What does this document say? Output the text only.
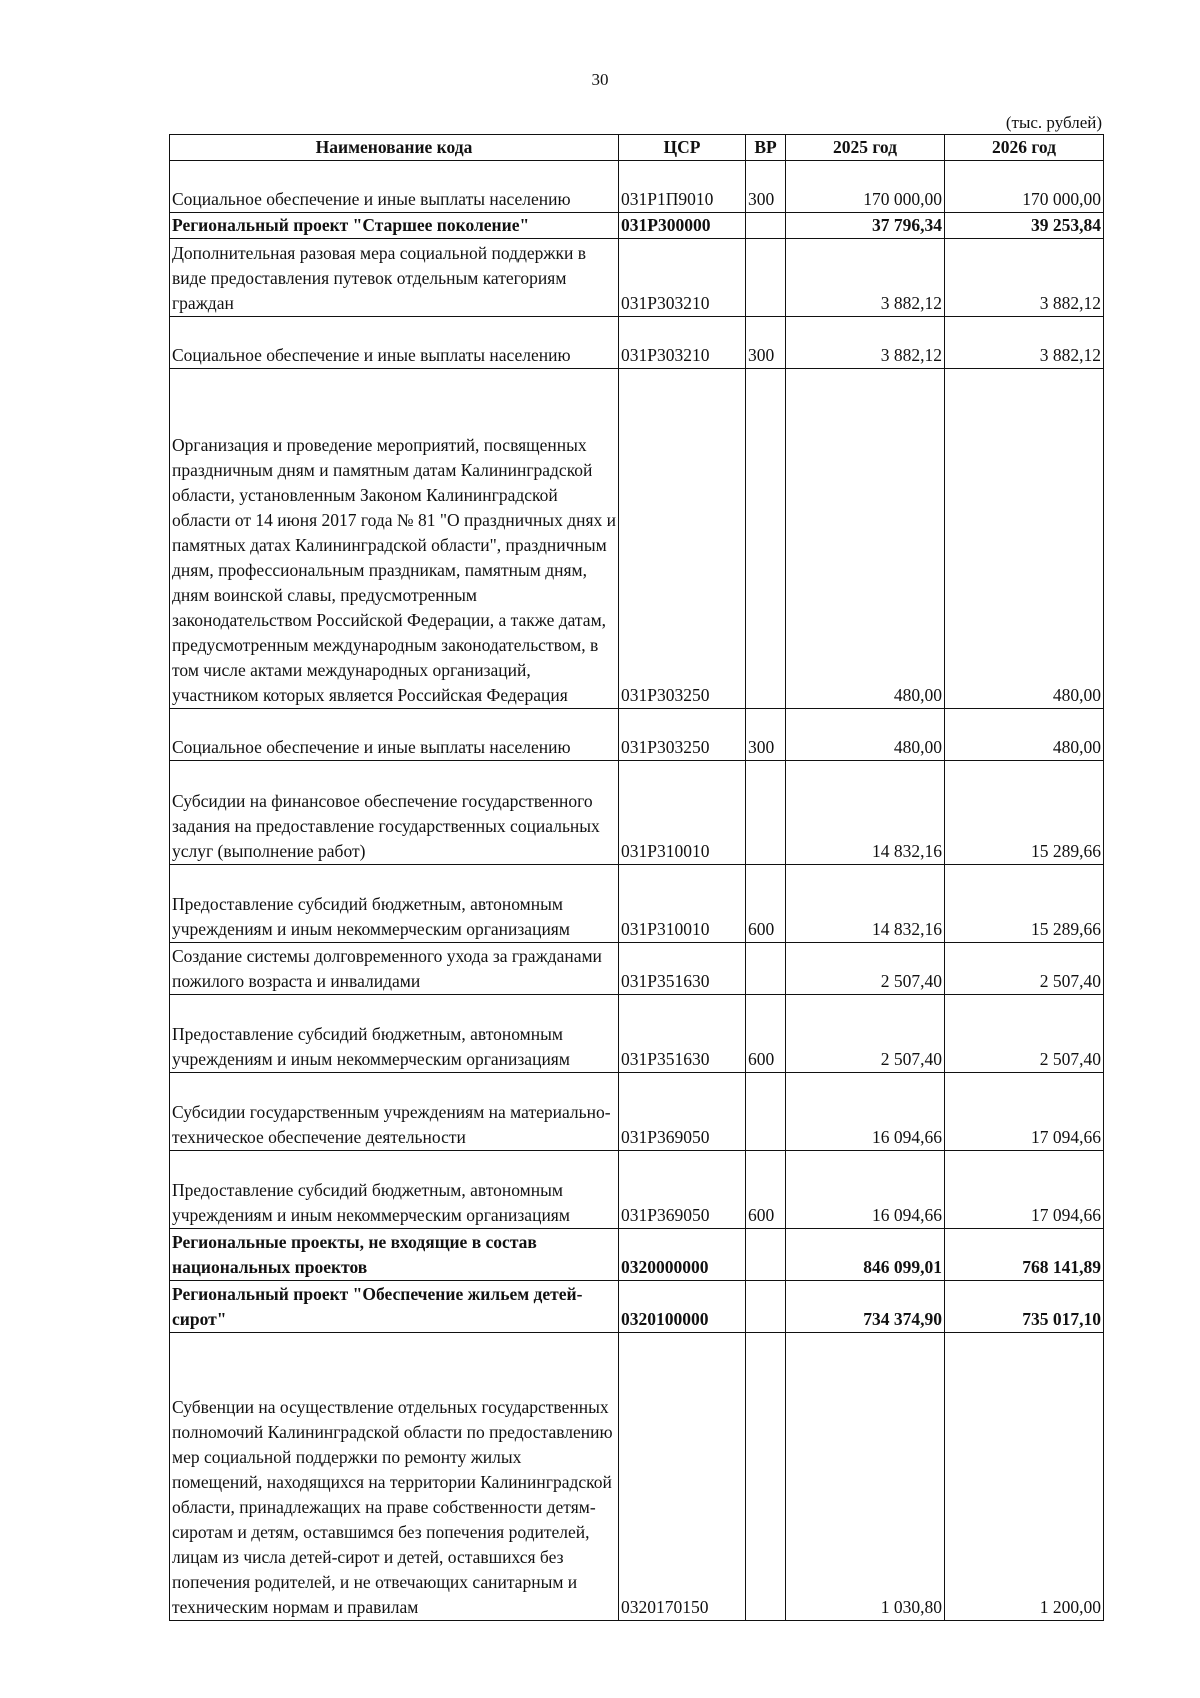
30
(тыс. рублей)
Наименование кода	ЦСР	ВР	2025 год	2026 год
Социальное обеспечение и иные выплаты населению	031Р1П9010	300	170 000,00	170 000,00
Региональный проект "Старшее поколение"	031Р300000		37 796,34	39 253,84
Дополнительная разовая мера социальной поддержки в виде предоставления путевок отдельным категориям граждан	031Р303210		3 882,12	3 882,12
Социальное обеспечение и иные выплаты населению	031Р303210	300	3 882,12	3 882,12
Организация и проведение мероприятий, посвященных праздничным дням и памятным датам Калининградской области, установленным Законом Калининградской области от 14 июня 2017 года № 81 "О праздничных днях и памятных датах Калининградской области", праздничным дням, профессиональным праздникам, памятным дням, дням воинской славы, предусмотренным законодательством Российской Федерации, а также датам, предусмотренным международным законодательством, в том числе актами международных организаций, участником которых является Российская Федерация	031Р303250		480,00	480,00
Социальное обеспечение и иные выплаты населению	031Р303250	300	480,00	480,00
Субсидии на финансовое обеспечение государственного задания на предоставление государственных социальных услуг (выполнение работ)	031Р310010		14 832,16	15 289,66
Предоставление субсидий бюджетным, автономным учреждениям и иным некоммерческим организациям	031Р310010	600	14 832,16	15 289,66
Создание системы долговременного ухода за гражданами пожилого возраста и инвалидами	031Р351630		2 507,40	2 507,40
Предоставление субсидий бюджетным, автономным учреждениям и иным некоммерческим организациям	031Р351630	600	2 507,40	2 507,40
Субсидии государственным учреждениям на материально-техническое обеспечение деятельности	031Р369050		16 094,66	17 094,66
Предоставление субсидий бюджетным, автономным учреждениям и иным некоммерческим организациям	031Р369050	600	16 094,66	17 094,66
Региональные проекты, не входящие в состав национальных проектов	0320000000		846 099,01	768 141,89
Региональный проект "Обеспечение жильем детей-сирот"	0320100000		734 374,90	735 017,10
Субвенции на осуществление отдельных государственных полномочий Калининградской области по предоставлению мер социальной поддержки по ремонту жилых помещений, находящихся на территории Калининградской области, принадлежащих на праве собственности детям-сиротам и детям, оставшимся без попечения родителей, лицам из числа детей-сирот и детей, оставшихся без попечения родителей, и не отвечающих санитарным и техническим нормам и правилам	0320170150		1 030,80	1 200,00
